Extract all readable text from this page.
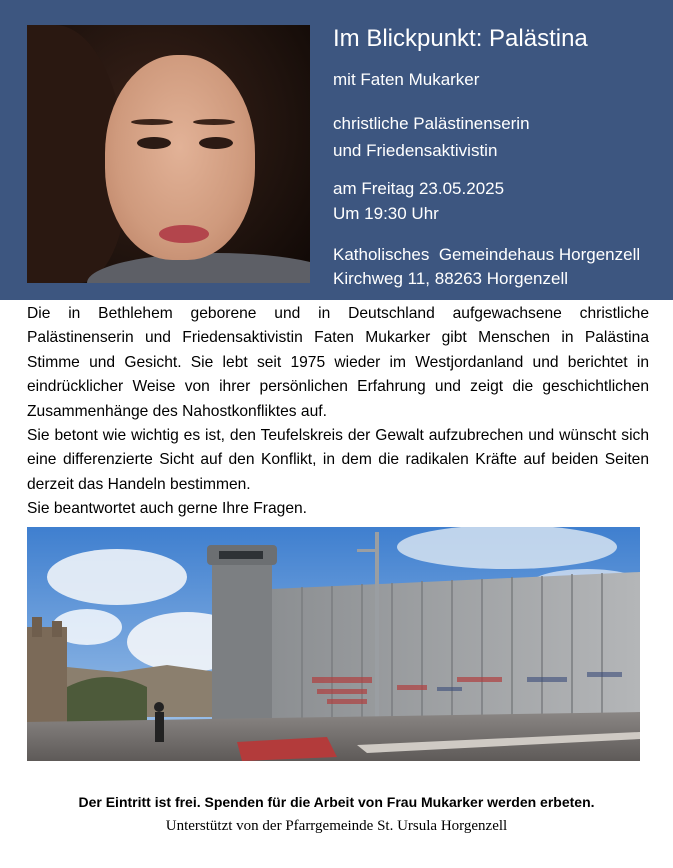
Im Blickpunkt: Palästina
mit Faten Mukarker
christliche Palästinenserin
und Friedensaktivistin
am Freitag 23.05.2025
Um 19:30 Uhr
Katholisches  Gemeindehaus Horgenzell
Kirchweg 11, 88263 Horgenzell

Die in Bethlehem geborene und in Deutschland aufgewachsene christliche Palästinenserin und Friedensaktivistin Faten Mukarker gibt Menschen in Palästina Stimme und Gesicht. Sie lebt seit 1975 wieder im Westjordanland und berichtet in eindrücklicher Weise von ihrer persönlichen Erfahrung und zeigt die geschichtlichen Zusammenhänge des Nahostkonfliktes auf.

Sie betont wie wichtig es ist, den Teufelskreis der Gewalt aufzubrechen und wünscht sich eine differenzierte Sicht auf den Konflikt, in dem die radikalen Kräfte auf beiden Seiten derzeit das Handeln bestimmen.

Sie beantwortet auch gerne Ihre Fragen.

Der Eintritt ist frei. Spenden für die Arbeit von Frau Mukarker werden erbeten.
Unterstützt von der Pfarrgemeinde St. Ursula Horgenzell
